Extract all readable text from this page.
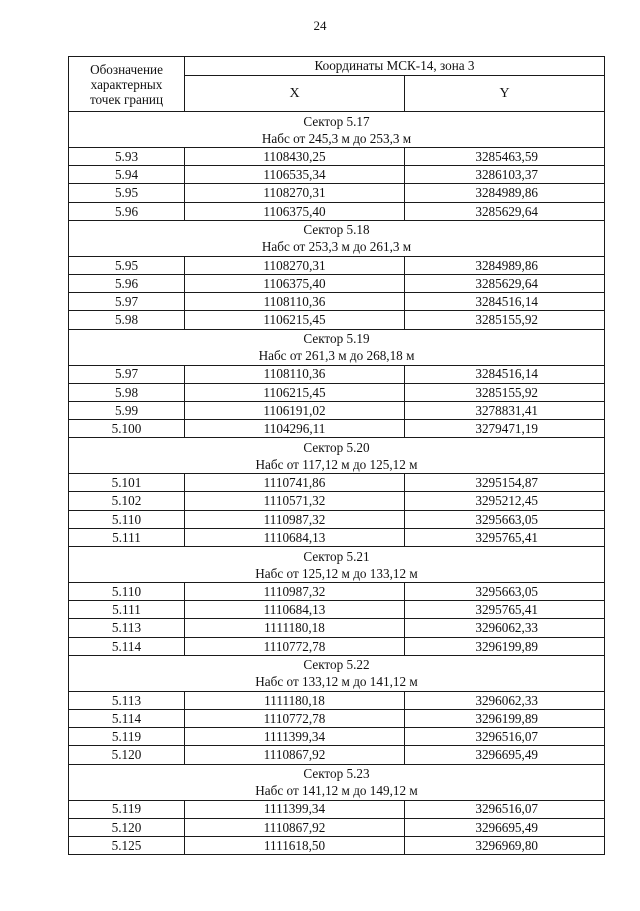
24
Обозначение
характерных
точек границ	Координаты МСК-14, зона 3	
	X	Y

Сектор 5.17
Набс от 245,3 м до 253,3 м		

5.93	1108430,25	3285463,59
5.94	1106535,34	3286103,37
5.95	1108270,31	3284989,86
5.96	1106375,40	3285629,64

Сектор 5.18
Набс от 253,3 м до 261,3 м		

5.95	1108270,31	3284989,86
5.96	1106375,40	3285629,64
5.97	1108110,36	3284516,14
5.98	1106215,45	3285155,92

Сектор 5.19
Набс от 261,3 м до 268,18 м		

5.97	1108110,36	3284516,14
5.98	1106215,45	3285155,92
5.99	1106191,02	3278831,41
5.100	1104296,11	3279471,19

Сектор 5.20
Набс от 117,12 м до 125,12 м		

5.101	1110741,86	3295154,87
5.102	1110571,32	3295212,45
5.110	1110987,32	3295663,05
5.111	1110684,13	3295765,41

Сектор 5.21
Набс от 125,12 м до 133,12 м		

5.110	1110987,32	3295663,05
5.111	1110684,13	3295765,41
5.113	1111180,18	3296062,33
5.114	1110772,78	3296199,89

Сектор 5.22
Набс от 133,12 м до 141,12 м		

5.113	1111180,18	3296062,33
5.114	1110772,78	3296199,89
5.119	1111399,34	3296516,07
5.120	1110867,92	3296695,49

Сектор 5.23
Набс от 141,12 м до 149,12 м		

5.119	1111399,34	3296516,07
5.120	1110867,92	3296695,49
5.125	1111618,50	3296969,80
